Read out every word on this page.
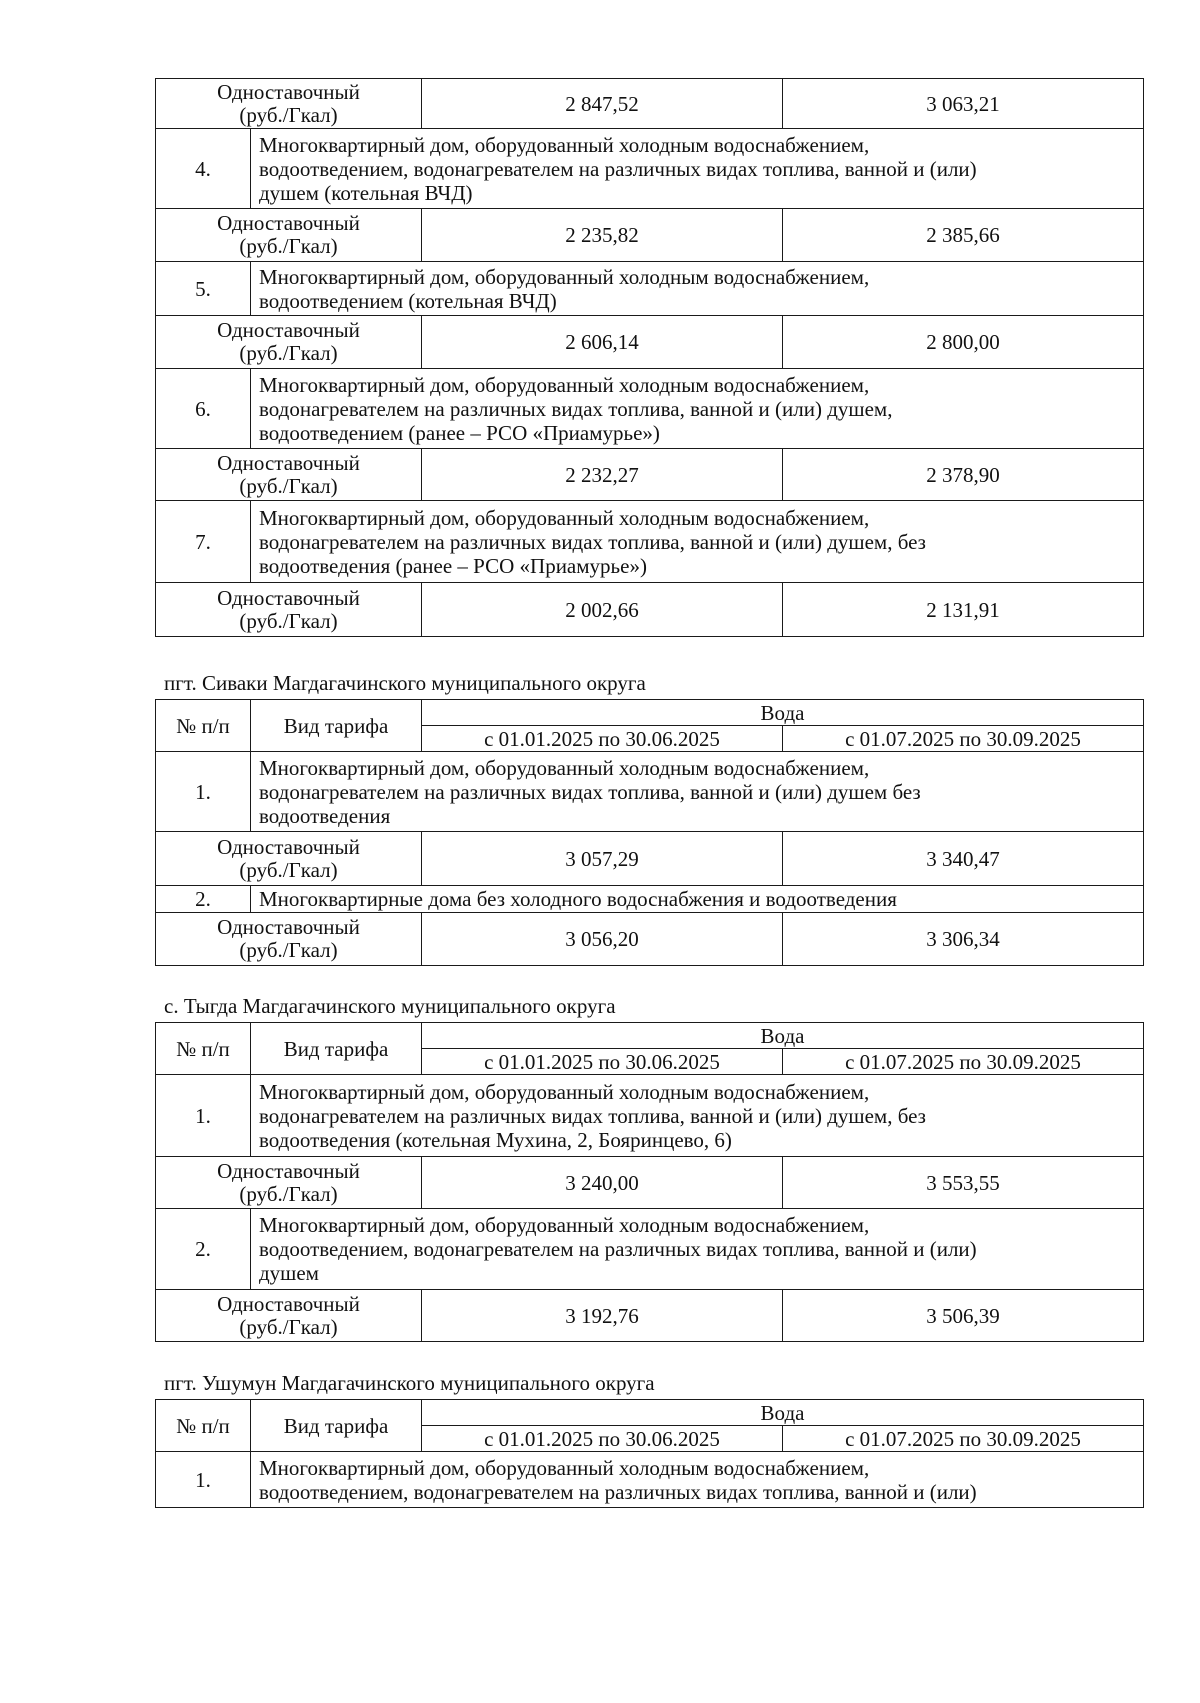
Одноставочный
(руб./Гкал)		2 847,52	3 063,21
4.	Многоквартирный дом, оборудованный холодным водоснабжением,
водоотведением, водонагревателем на различных видах топлива, ванной и (или)
душем (котельная ВЧД)		

Одноставочный
(руб./Гкал)		2 235,82	2 385,66
5.	Многоквартирный дом, оборудованный холодным водоснабжением,
водоотведением (котельная ВЧД)		

Одноставочный
(руб./Гкал)		2 606,14	2 800,00
6.	Многоквартирный дом, оборудованный холодным водоснабжением,
водонагревателем на различных видах топлива, ванной и (или) душем,
водоотведением (ранее – РСО «Приамурье»)		

Одноставочный
(руб./Гкал)		2 232,27	2 378,90
7.	Многоквартирный дом, оборудованный холодным водоснабжением,
водонагревателем на различных видах топлива, ванной и (или) душем, без
водоотведения (ранее – РСО «Приамурье»)		

Одноставочный
(руб./Гкал)		2 002,66	2 131,91
пгт. Сиваки Магдагачинского муниципального округа
№ п/п	Вид тарифа	Вода	
		с 01.01.2025 по 30.06.2025	с 01.07.2025 по 30.09.2025
1.	Многоквартирный дом, оборудованный холодным водоснабжением,
водонагревателем на различных видах топлива, ванной и (или) душем без
водоотведения		

Одноставочный
(руб./Гкал)		3 057,29	3 340,47
2.	Многоквартирные дома без холодного водоснабжения и водоотведения		

Одноставочный
(руб./Гкал)		3 056,20	3 306,34
с. Тыгда Магдагачинского муниципального округа
№ п/п	Вид тарифа	Вода	
		с 01.01.2025 по 30.06.2025	с 01.07.2025 по 30.09.2025
1.	Многоквартирный дом, оборудованный холодным водоснабжением,
водонагревателем на различных видах топлива, ванной и (или) душем, без
водоотведения (котельная Мухина, 2, Бояринцево, 6)		

Одноставочный
(руб./Гкал)		3 240,00	3 553,55
2.	Многоквартирный дом, оборудованный холодным водоснабжением,
водоотведением, водонагревателем на различных видах топлива, ванной и (или)
душем		

Одноставочный
(руб./Гкал)		3 192,76	3 506,39
пгт. Ушумун Магдагачинского муниципального округа
№ п/п	Вид тарифа	Вода	
		с 01.01.2025 по 30.06.2025	с 01.07.2025 по 30.09.2025
1.	Многоквартирный дом, оборудованный холодным водоснабжением,
водоотведением, водонагревателем на различных видах топлива, ванной и (или)		
